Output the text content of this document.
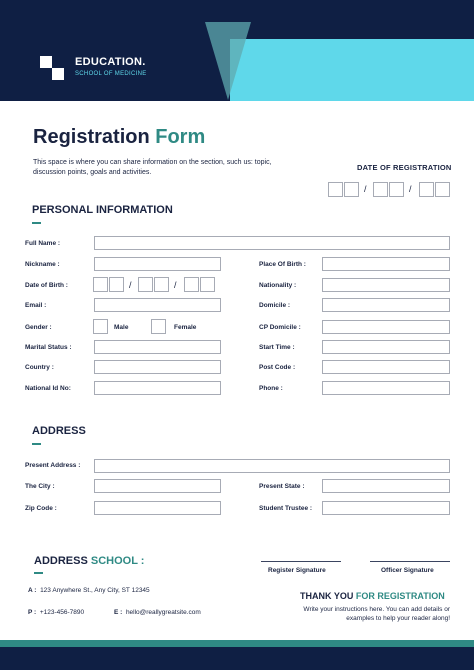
EDUCATION.
SCHOOL OF MEDICINE
Registration Form
This space is where you can share information on the section, such us: topic, discussion points, goals and activities.
DATE OF REGISTRATION
/	/
PERSONAL INFORMATION
Full Name :
Nickname :	Place Of Birth :
Date of Birth :	/	/	Nationality :
Email :	Domicile :
Gender :	Male	Female	CP Domicile :
Marital Status :	Start Time :
Country :	Post Code :
National Id No:	Phone :
ADDRESS
Present Address :
The City :	Present State :
Zip Code :	Student Trustee :
ADDRESS SCHOOL :
A : 123 Anywhere St., Any City, ST 12345
P : +123-456-7890	E : hello@reallygreatsite.com
Register Signature	Officer Signature
THANK YOU FOR REGISTRATION
Write your instructions here. You can add details or examples to help your reader along!
